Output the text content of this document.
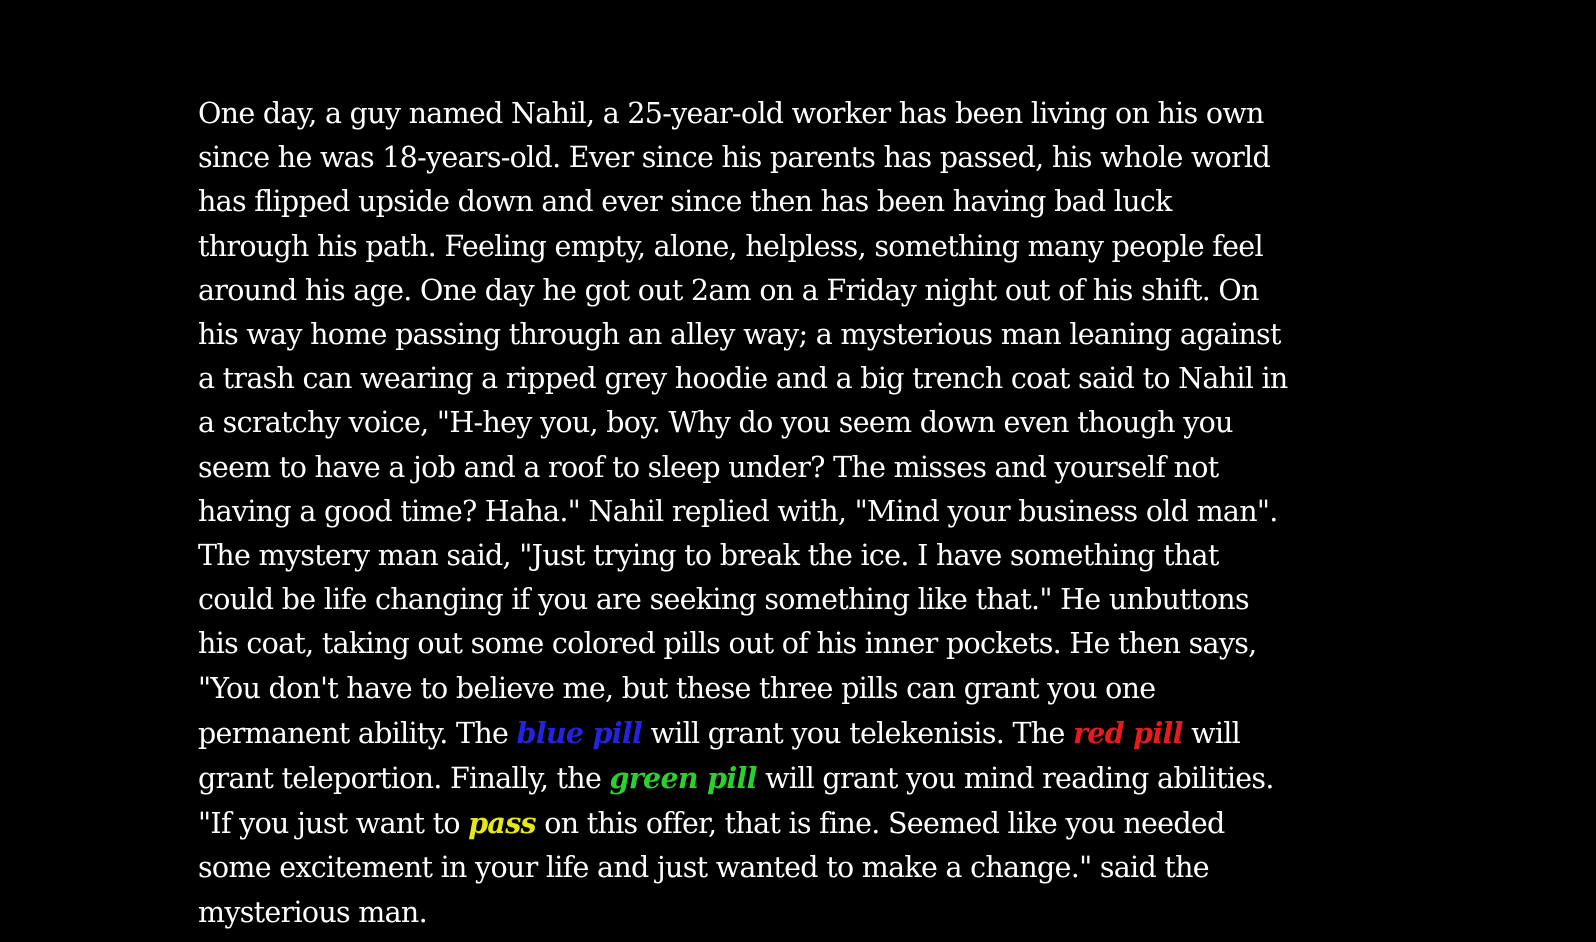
One day, a guy named Nahil, a 25-year-old worker has been living on his own since he was 18-years-old. Ever since his parents has passed, his whole world has flipped upside down and ever since then has been having bad luck through his path. Feeling empty, alone, helpless, something many people feel around his age. One day he got out 2am on a Friday night out of his shift. On his way home passing through an alley way; a mysterious man leaning against a trash can wearing a ripped grey hoodie and a big trench coat said to Nahil in a scratchy voice, "H-hey you, boy. Why do you seem down even though you seem to have a job and a roof to sleep under? The misses and yourself not having a good time? Haha." Nahil replied with, "Mind your business old man". The mystery man said, "Just trying to break the ice. I have something that could be life changing if you are seeking something like that." He unbuttons his coat, taking out some colored pills out of his inner pockets. He then says, "You don't have to believe me, but these three pills can grant you one permanent ability. The blue pill will grant you telekenisis. The red pill will grant teleportion. Finally, the green pill will grant you mind reading abilities. "If you just want to pass on this offer, that is fine. Seemed like you needed some excitement in your life and just wanted to make a change." said the mysterious man.
